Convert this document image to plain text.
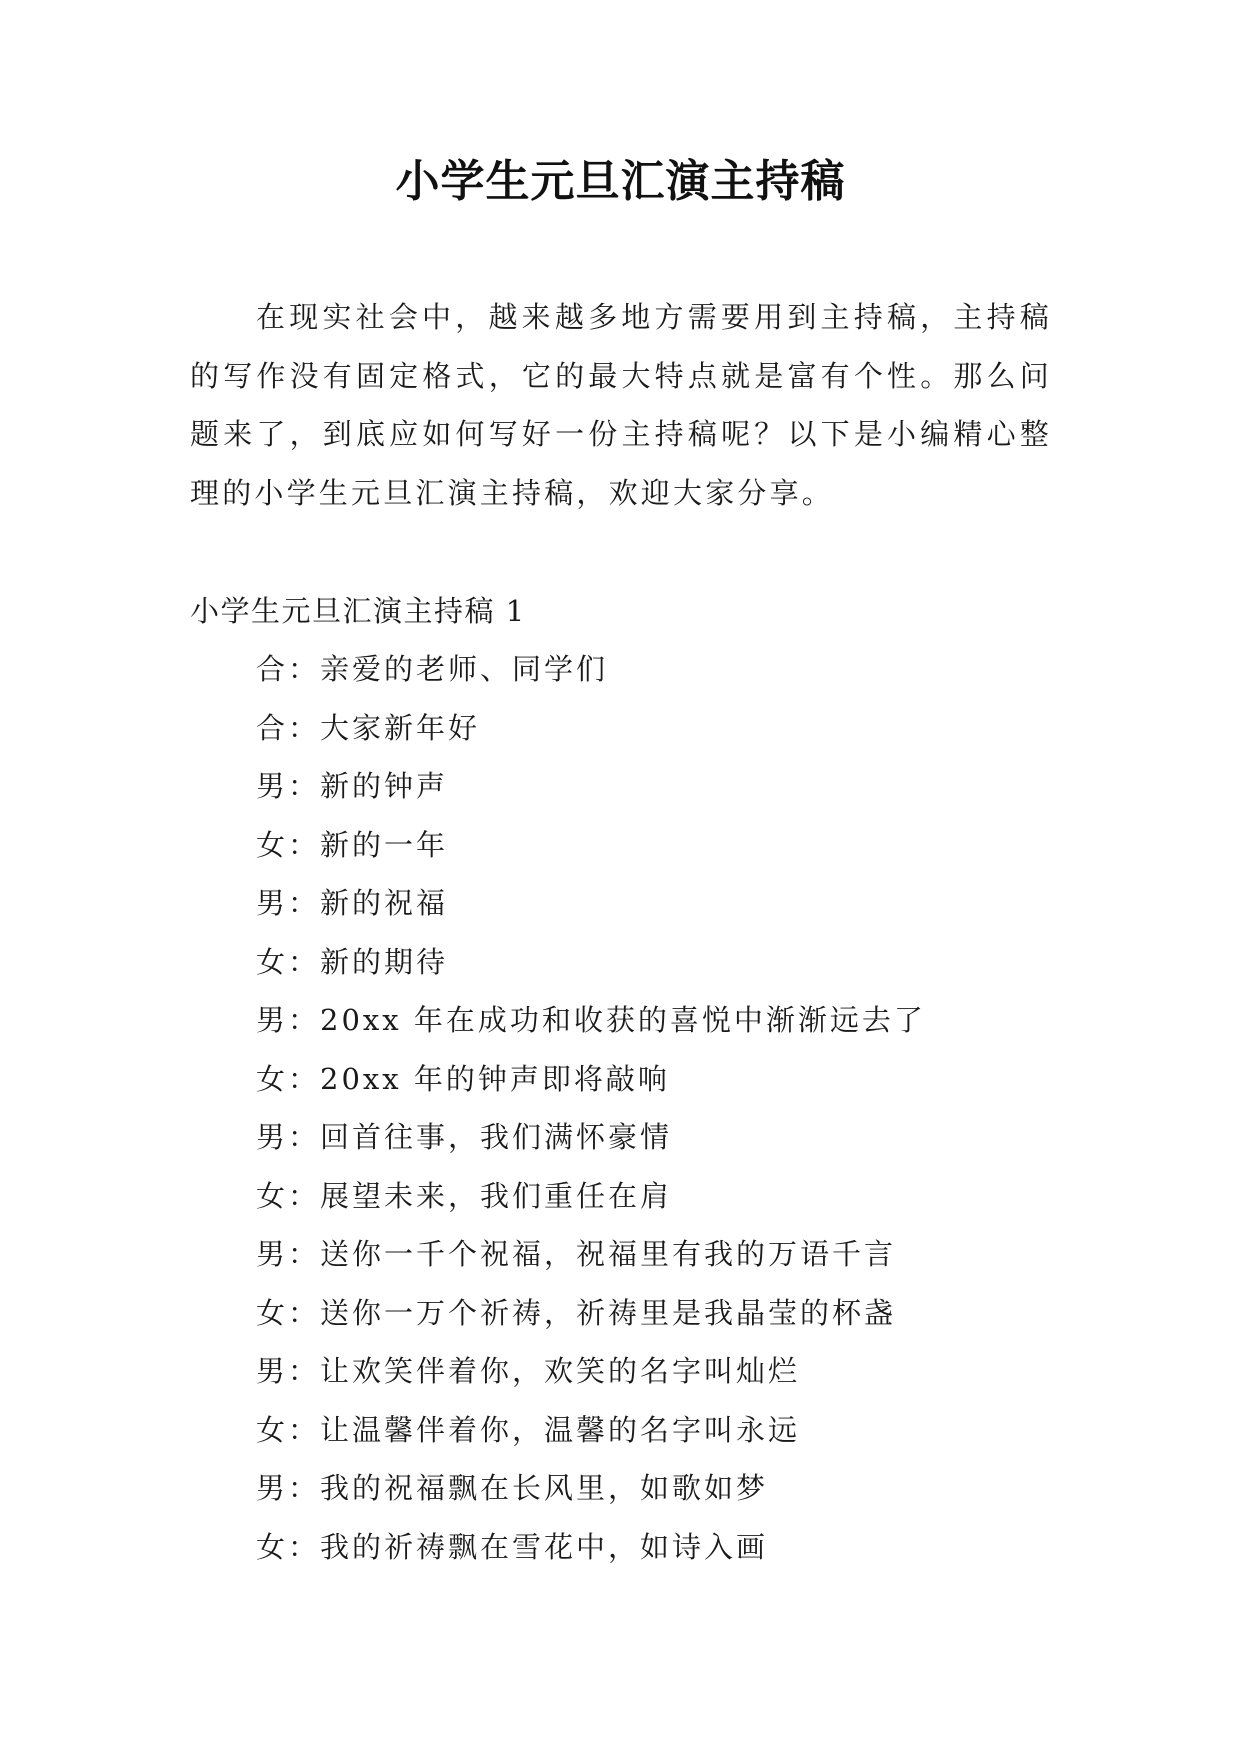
小学生元旦汇演主持稿

在现实社会中，越来越多地方需要用到主持稿，主持稿的写作没有固定格式，它的最大特点就是富有个性。那么问题来了，到底应如何写好一份主持稿呢？以下是小编精心整理的小学生元旦汇演主持稿，欢迎大家分享。

小学生元旦汇演主持稿 1

合：亲爱的老师、同学们
合：大家新年好
男：新的钟声
女：新的一年
男：新的祝福
女：新的期待
男：20xx 年在成功和收获的喜悦中渐渐远去了
女：20xx 年的钟声即将敲响
男：回首往事，我们满怀豪情
女：展望未来，我们重任在肩
男：送你一千个祝福，祝福里有我的万语千言
女：送你一万个祈祷，祈祷里是我晶莹的杯盏
男：让欢笑伴着你，欢笑的名字叫灿烂
女：让温馨伴着你，温馨的名字叫永远
男：我的祝福飘在长风里，如歌如梦
女：我的祈祷飘在雪花中，如诗入画
